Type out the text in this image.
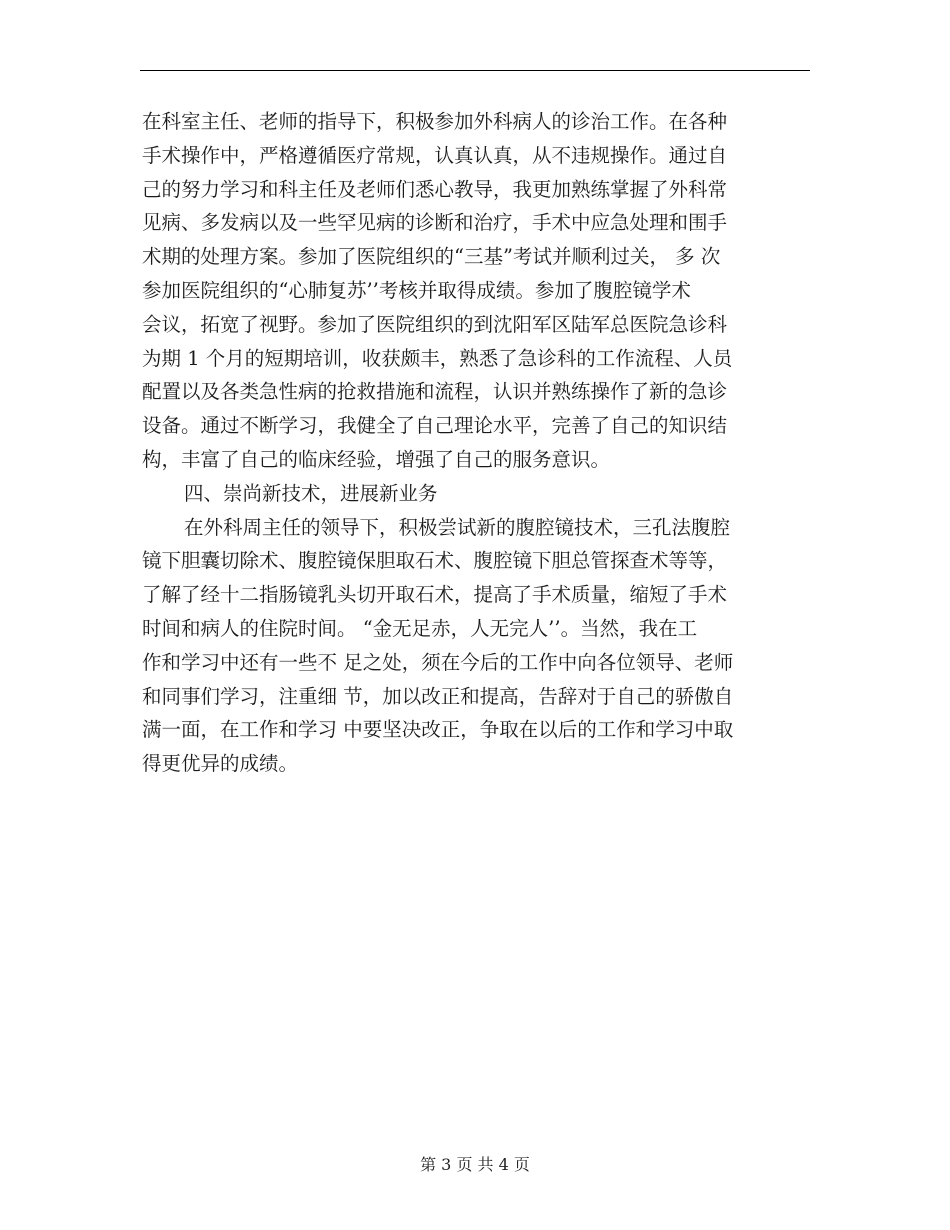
在科室主任、老师的指导下，积极参加外科病人的诊治工作。在各种
手术操作中，严格遵循医疗常规，认真认真，从不违规操作。通过自
己的努力学习和科主任及老师们悉心教导，我更加熟练掌握了外科常
见病、多发病以及一些罕见病的诊断和治疗，手术中应急处理和围手
术期的处理方案。参加了医院组织的“三基”考试并顺利过关， 多 次
参加医院组织的“心肺复苏’’考核并取得成绩。参加了腹腔镜学术
会议，拓宽了视野。参加了医院组织的到沈阳军区陆军总医院急诊科
为期 1 个月的短期培训，收获颇丰，熟悉了急诊科的工作流程、人员
配置以及各类急性病的抢救措施和流程，认识并熟练操作了新的急诊
设备。通过不断学习，我健全了自己理论水平，完善了自己的知识结
构，丰富了自己的临床经验，增强了自己的服务意识。
四、崇尚新技术，进展新业务
在外科周主任的领导下，积极尝试新的腹腔镜技术，三孔法腹腔
镜下胆囊切除术、腹腔镜保胆取石术、腹腔镜下胆总管探查术等等，
了解了经十二指肠镜乳头切开取石术，提高了手术质量，缩短了手术
时间和病人的住院时间。 “金无足赤，人无完人’’。当然，我在工
作和学习中还有一些不 足之处，须在今后的工作中向各位领导、老师
和同事们学习，注重细 节，加以改正和提高，告辞对于自己的骄傲自
满一面，在工作和学习 中要坚决改正，争取在以后的工作和学习中取
得更优异的成绩。
第 3 页 共 4 页
